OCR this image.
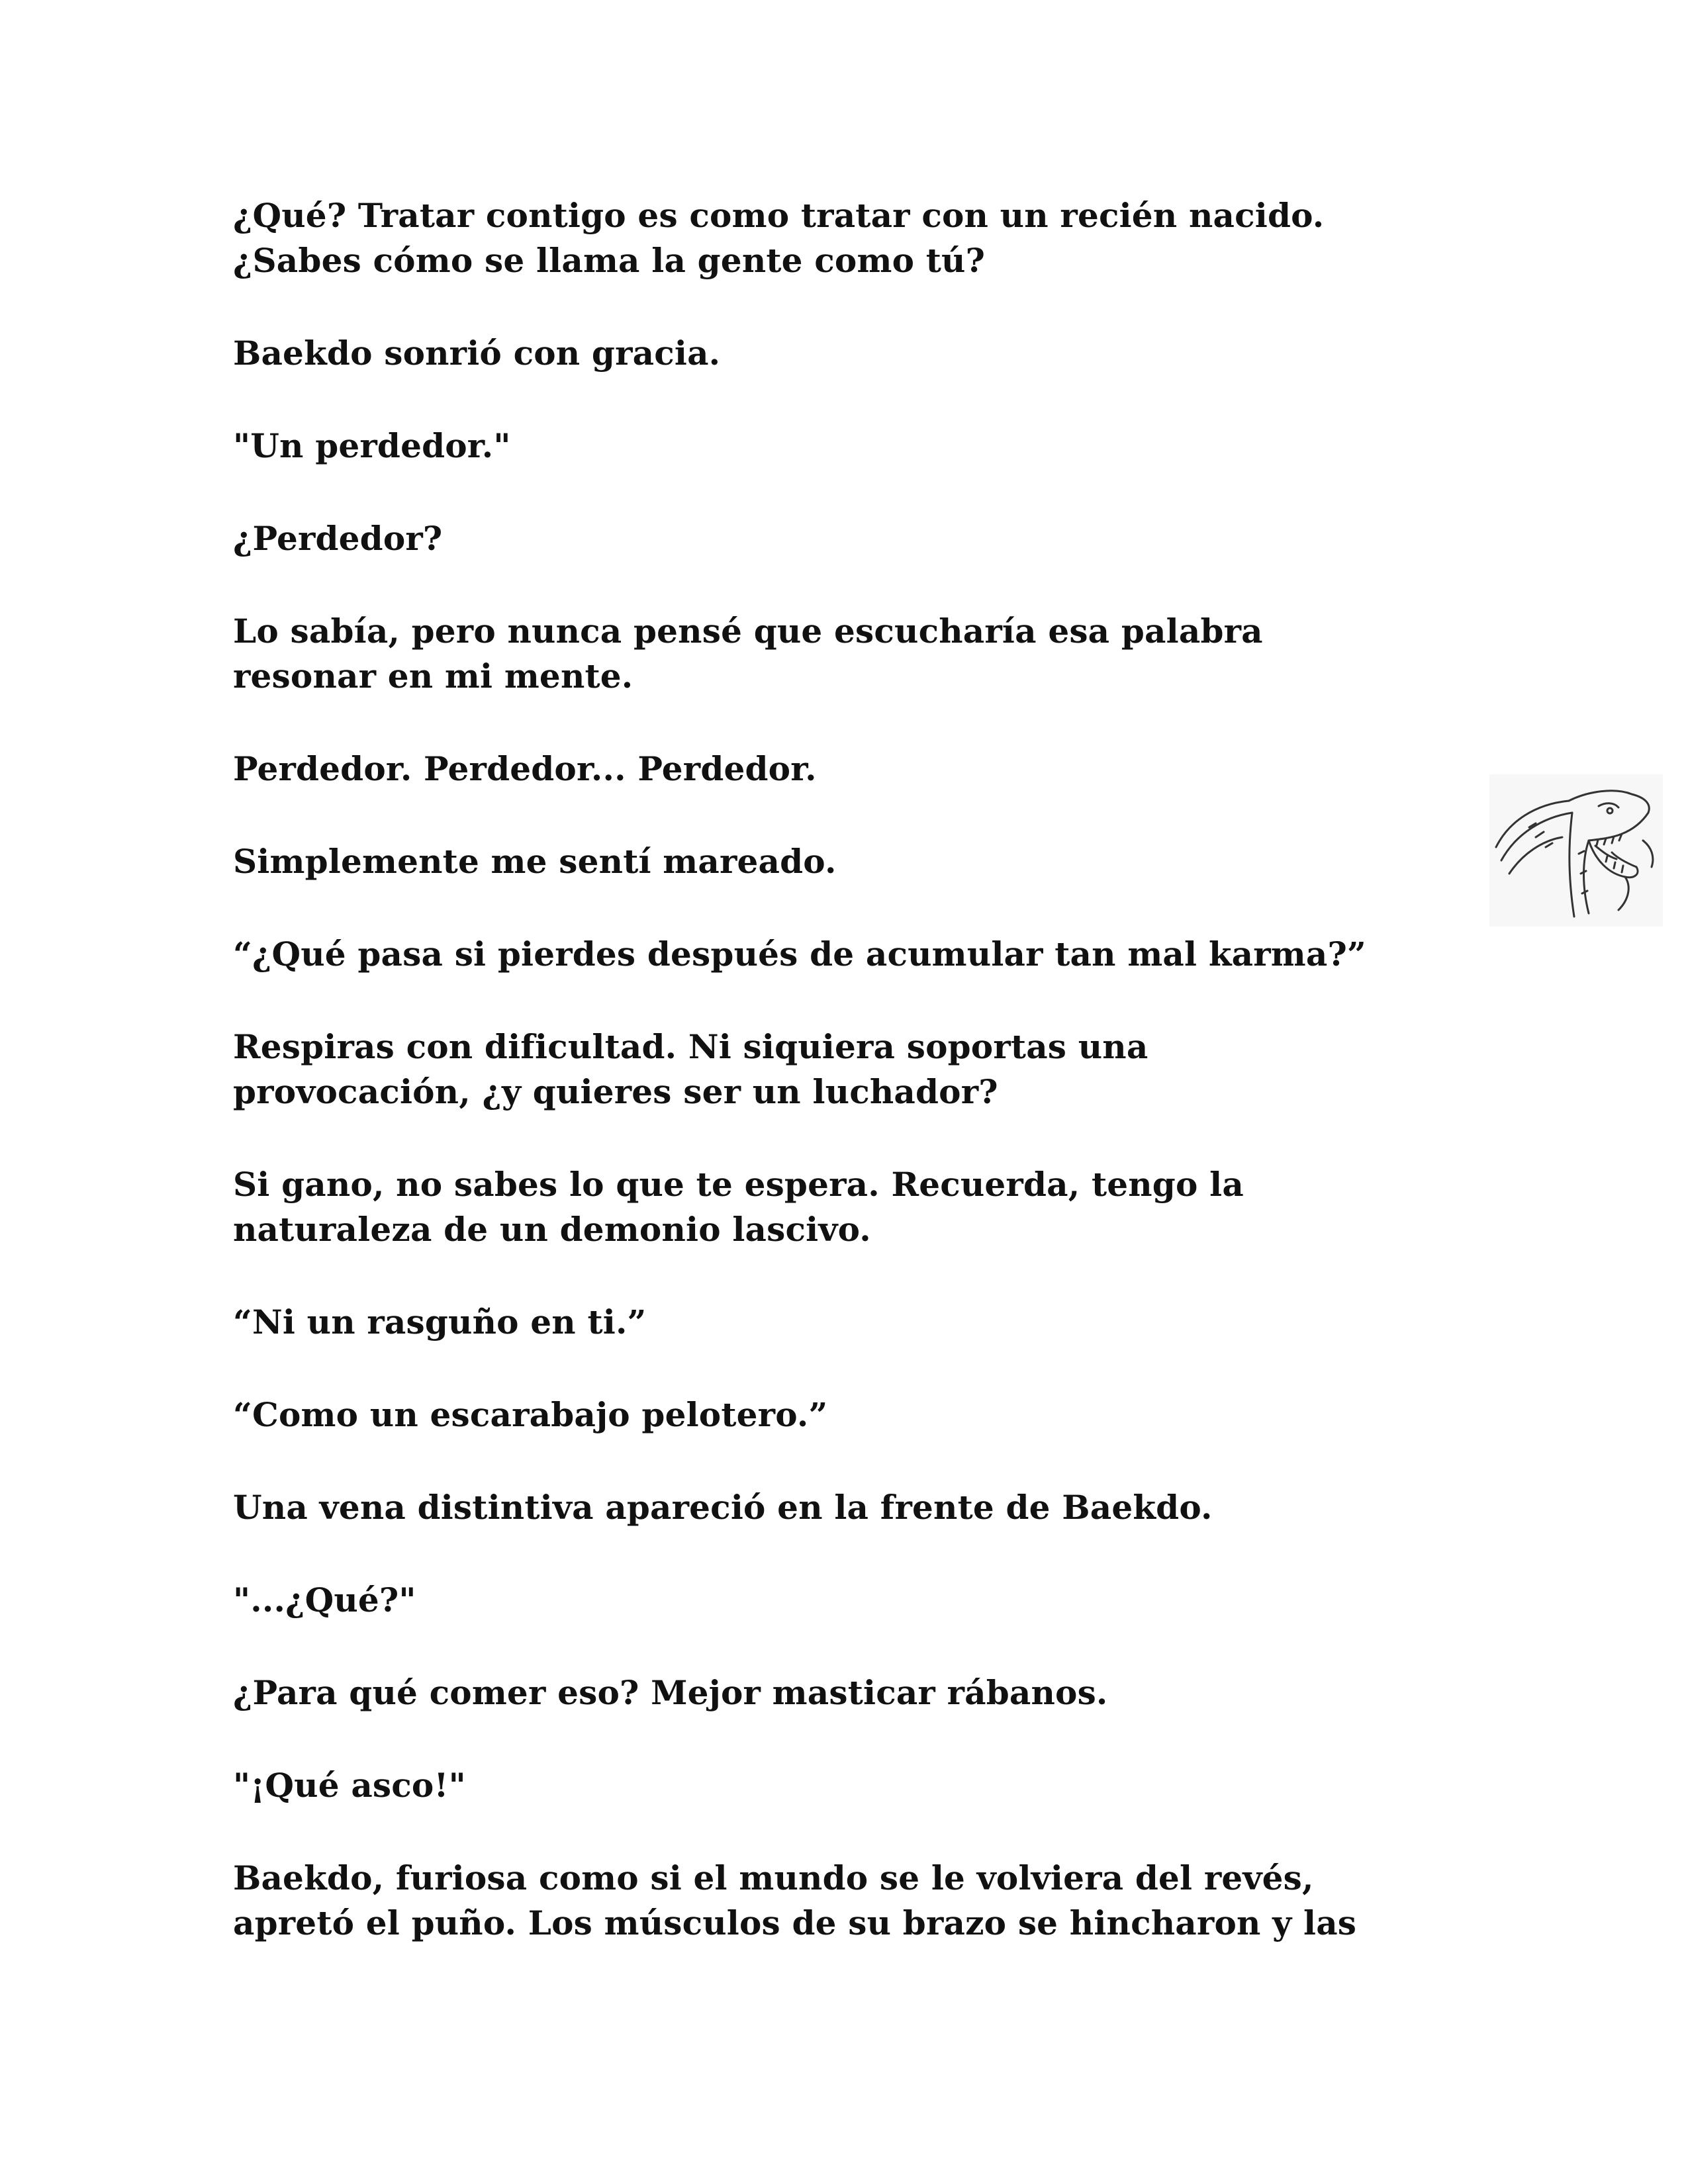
¿Qué? Tratar contigo es como tratar con un recién nacido.
¿Sabes cómo se llama la gente como tú?

Baekdo sonrió con gracia.

"Un perdedor."

¿Perdedor?

Lo sabía, pero nunca pensé que escucharía esa palabra
resonar en mi mente.

Perdedor. Perdedor... Perdedor.

Simplemente me sentí mareado.

“¿Qué pasa si pierdes después de acumular tan mal karma?”

Respiras con dificultad. Ni siquiera soportas una
provocación, ¿y quieres ser un luchador?

Si gano, no sabes lo que te espera. Recuerda, tengo la
naturaleza de un demonio lascivo.

“Ni un rasguño en ti.”

“Como un escarabajo pelotero.”

Una vena distintiva apareció en la frente de Baekdo.

"...¿Qué?"

¿Para qué comer eso? Mejor masticar rábanos.

"¡Qué asco!"

Baekdo, furiosa como si el mundo se le volviera del revés,
apretó el puño. Los músculos de su brazo se hincharon y las
